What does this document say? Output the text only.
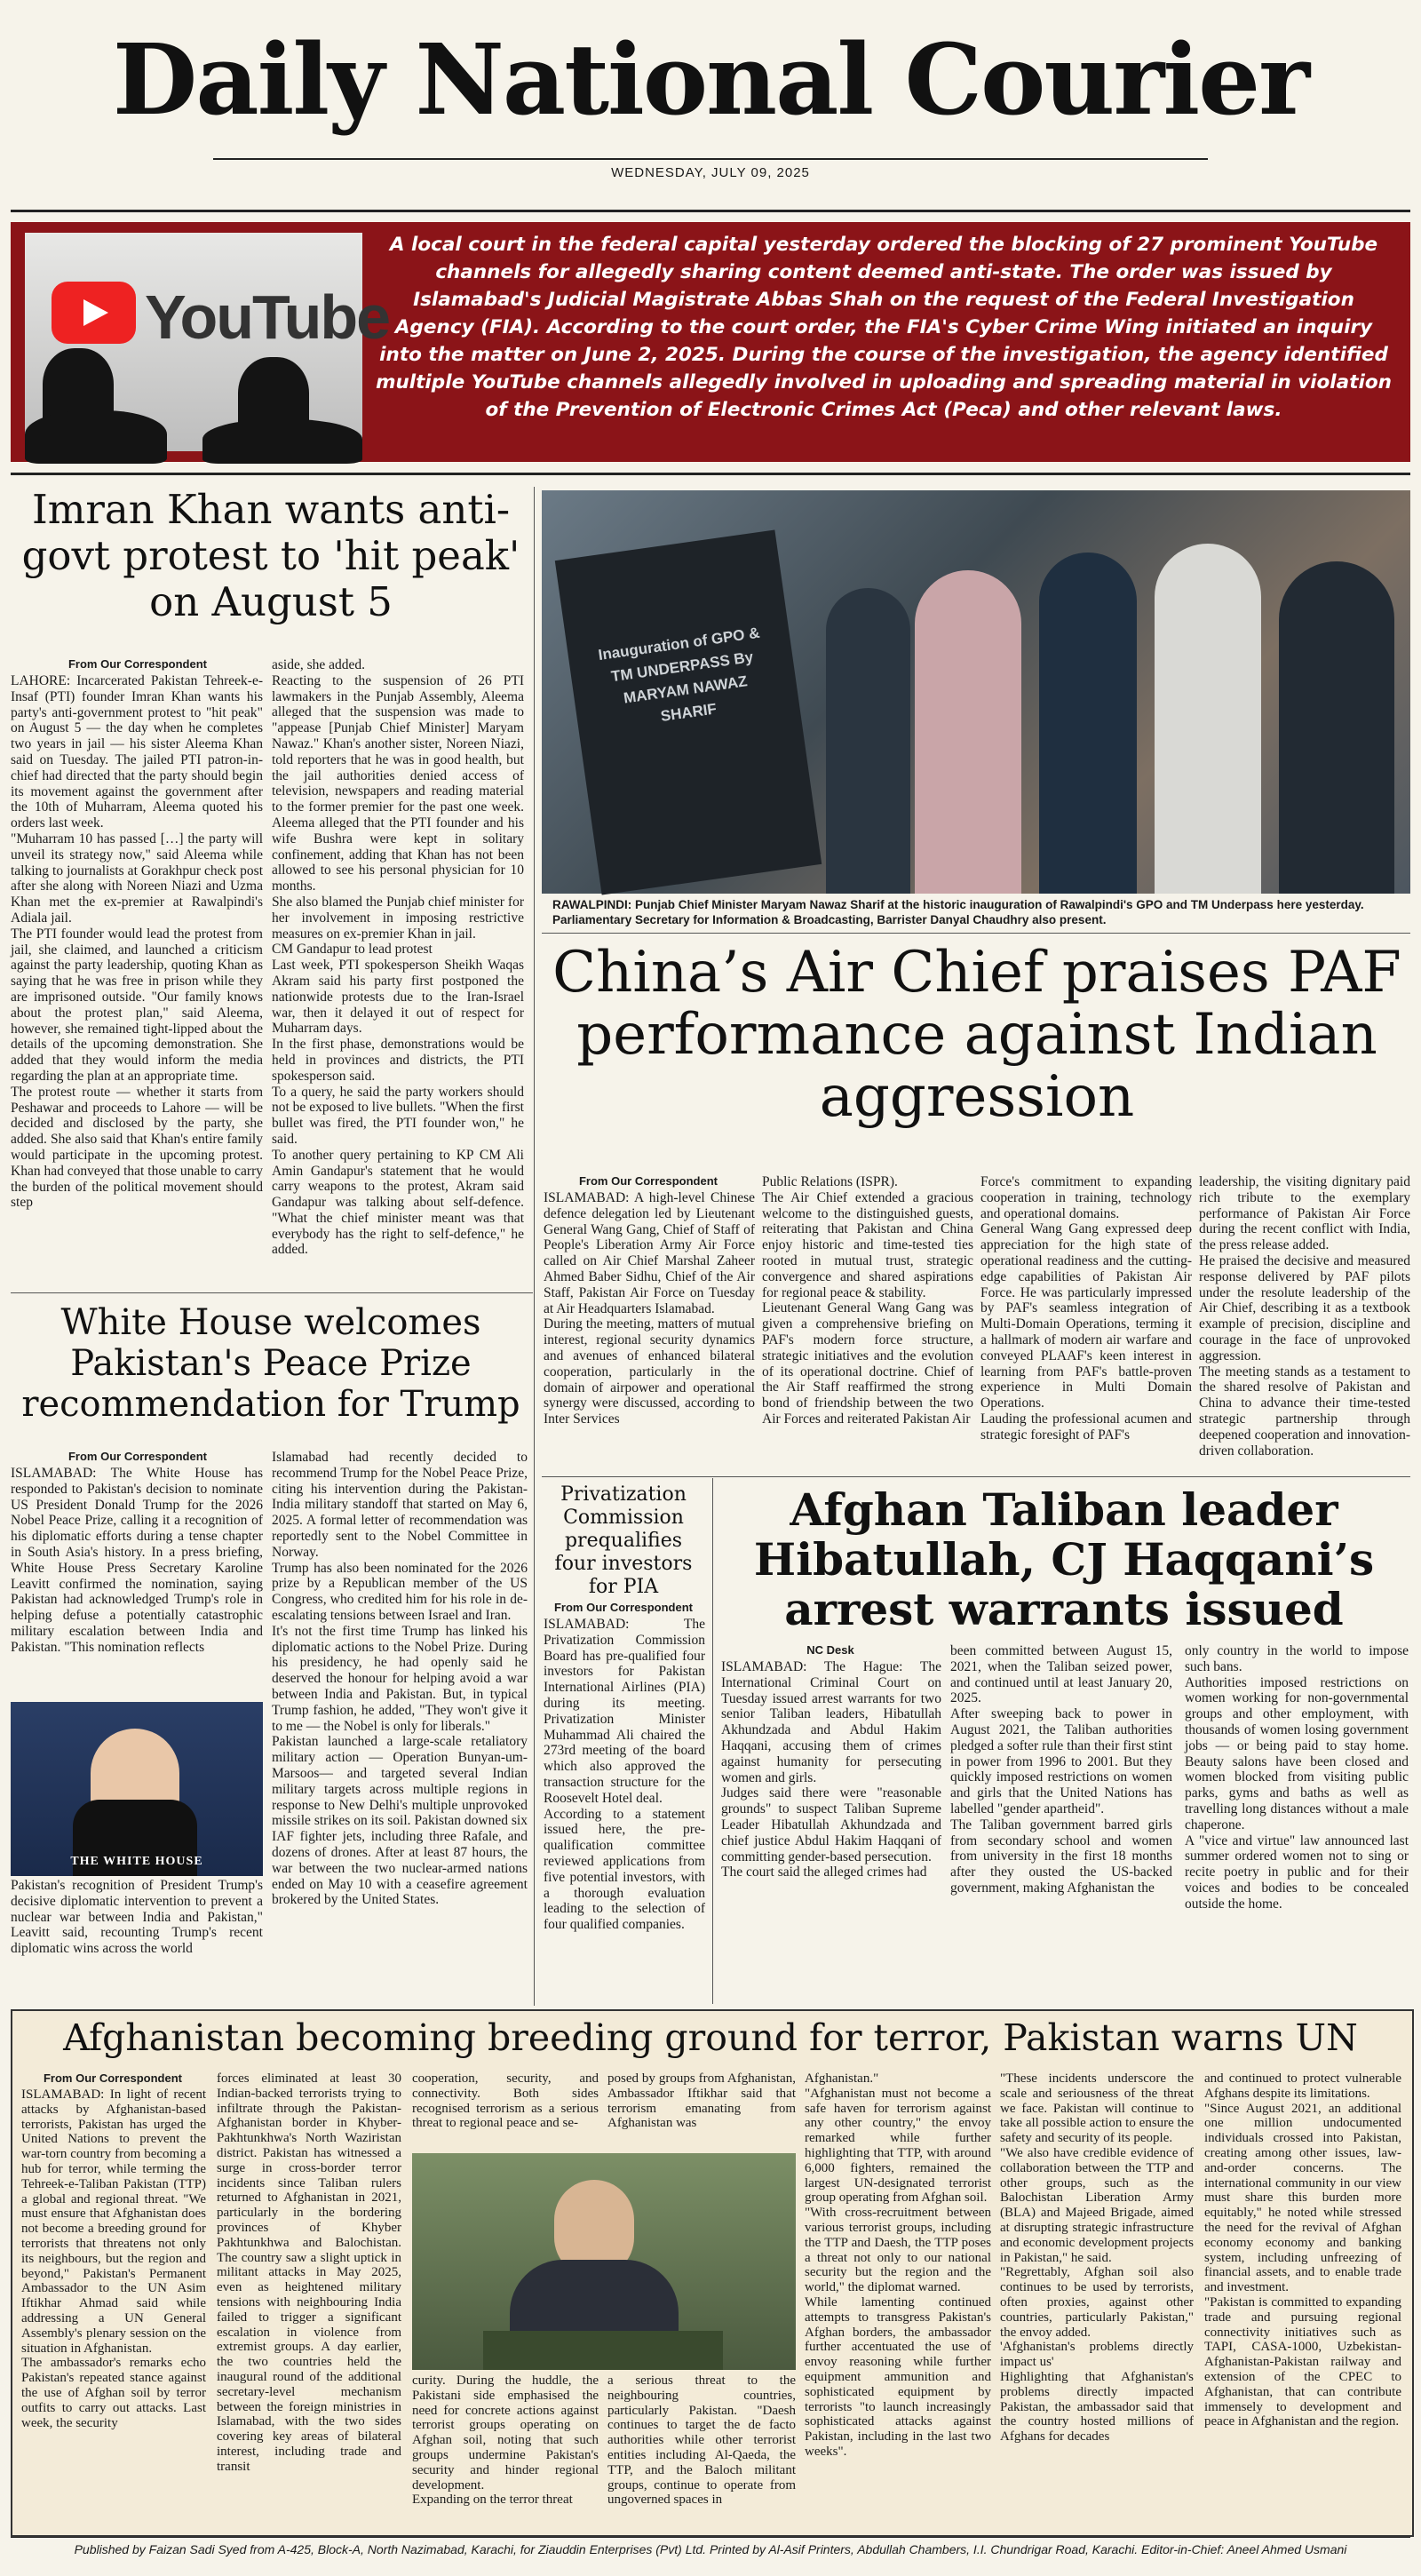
Daily National Courier
WEDNESDAY, JULY 09, 2025
YouTube
A local court in the federal capital yesterday ordered the blocking of 27 prominent YouTube channels for allegedly sharing content deemed anti-state. The order was issued by Islamabad's Judicial Magistrate Abbas Shah on the request of the Federal Investigation Agency (FIA). According to the court order, the FIA's Cyber Crime Wing initiated an inquiry into the matter on June 2, 2025. During the course of the investigation, the agency identified multiple YouTube channels allegedly involved in uploading and spreading material in violation of the Prevention of Electronic Crimes Act (Peca) and other relevant laws.
Imran Khan wants anti-govt protest to 'hit peak' on August 5
From Our Correspondent
LAHORE: Incarcerated Pakistan Tehreek-e-Insaf (PTI) founder Imran Khan wants his party's anti-government protest to "hit peak" on August 5 — the day when he completes two years in jail — his sister Aleema Khan said on Tuesday. The jailed PTI patron-in-chief had directed that the party should begin its movement against the government after the 10th of Muharram, Aleema quoted his orders last week.
"Muharram 10 has passed […] the party will unveil its strategy now," said Aleema while talking to journalists at Gorakhpur check post after she along with Noreen Niazi and Uzma Khan met the ex-premier at Rawalpindi's Adiala jail.
The PTI founder would lead the protest from jail, she claimed, and launched a criticism against the party leadership, quoting Khan as saying that he was free in prison while they are imprisoned outside. "Our family knows about the protest plan," said Aleema, however, she remained tight-lipped about the details of the upcoming demonstration. She added that they would inform the media regarding the plan at an appropriate time.
The protest route — whether it starts from Peshawar and proceeds to Lahore — will be decided and disclosed by the party, she added. She also said that Khan's entire family would participate in the upcoming protest. Khan had conveyed that those unable to carry the burden of the political movement should step
aside, she added.
Reacting to the suspension of 26 PTI lawmakers in the Punjab Assembly, Aleema alleged that the suspension was made to "appease [Punjab Chief Minister] Maryam Nawaz." Khan's another sister, Noreen Niazi, told reporters that he was in good health, but the jail authorities denied access of television, newspapers and reading material to the former premier for the past one week. Aleema alleged that the PTI founder and his wife Bushra were kept in solitary confinement, adding that Khan has not been allowed to see his personal physician for 10 months.
She also blamed the Punjab chief minister for her involvement in imposing restrictive measures on ex-premier Khan in jail.
CM Gandapur to lead protest
Last week, PTI spokesperson Sheikh Waqas Akram said his party first postponed the nationwide protests due to the Iran-Israel war, then it delayed it out of respect for Muharram days.
In the first phase, demonstrations would be held in provinces and districts, the PTI spokesperson said.
To a query, he said the party workers should not be exposed to live bullets. "When the first bullet was fired, the PTI founder won," he said.
To another query pertaining to KP CM Ali Amin Gandapur's statement that he would carry weapons to the protest, Akram said Gandapur was talking about self-defence. "What the chief minister meant was that everybody has the right to self-defence," he added.
Inauguration of GPO & TM UNDERPASS By MARYAM NAWAZ SHARIF
RAWALPINDI: Punjab Chief Minister Maryam Nawaz Sharif at the historic inauguration of Rawalpindi's GPO and TM Underpass here yesterday. Parliamentary Secretary for Information & Broadcasting, Barrister Danyal Chaudhry also present.
China’s Air Chief praises PAF performance against Indian aggression
From Our Correspondent
ISLAMABAD: A high-level Chinese defence delegation led by Lieutenant General Wang Gang, Chief of Staff of People's Liberation Army Air Force called on Air Chief Marshal Zaheer Ahmed Baber Sidhu, Chief of the Air Staff, Pakistan Air Force on Tuesday at Air Headquarters Islamabad.
During the meeting, matters of mutual interest, regional security dynamics and avenues of enhanced bilateral cooperation, particularly in the domain of airpower and operational synergy were discussed, according to Inter Services
Public Relations (ISPR).
The Air Chief extended a gracious welcome to the distinguished guests, reiterating that Pakistan and China enjoy historic and time-tested ties rooted in mutual trust, strategic convergence and shared aspirations for regional peace & stability.
Lieutenant General Wang Gang was given a comprehensive briefing on PAF's modern force structure, strategic initiatives and the evolution of its operational doctrine. Chief of the Air Staff reaffirmed the strong bond of friendship between the two Air Forces and reiterated Pakistan Air
Force's commitment to expanding cooperation in training, technology and operational domains.
General Wang Gang expressed deep appreciation for the high state of operational readiness and the cutting-edge capabilities of Pakistan Air Force. He was particularly impressed by PAF's seamless integration of Multi-Domain Operations, terming it a hallmark of modern air warfare and conveyed PLAAF's keen interest in learning from PAF's battle-proven experience in Multi Domain Operations.
Lauding the professional acumen and strategic foresight of PAF's
leadership, the visiting dignitary paid rich tribute to the exemplary performance of Pakistan Air Force during the recent conflict with India, the press release added.
He praised the decisive and measured response delivered by PAF pilots under the resolute leadership of the Air Chief, describing it as a textbook example of precision, discipline and courage in the face of unprovoked aggression.
The meeting stands as a testament to the shared resolve of Pakistan and China to advance their time-tested strategic partnership through deepened cooperation and innovation-driven collaboration.
White House welcomes Pakistan's Peace Prize recommendation for Trump
From Our Correspondent
ISLAMABAD: The White House has responded to Pakistan's decision to nominate US President Donald Trump for the 2026 Nobel Peace Prize, calling it a recognition of his diplomatic efforts during a tense chapter in South Asia's history. In a press briefing, White House Press Secretary Karoline Leavitt confirmed the nomination, saying Pakistan had acknowledged Trump's role in helping defuse a potentially catastrophic military escalation between India and Pakistan. "This nomination reflects
THE WHITE HOUSE
Pakistan's recognition of President Trump's decisive diplomatic intervention to prevent a nuclear war between India and Pakistan," Leavitt said, recounting Trump's recent diplomatic wins across the world
Islamabad had recently decided to recommend Trump for the Nobel Peace Prize, citing his intervention during the Pakistan-India military standoff that started on May 6, 2025. A formal letter of recommendation was reportedly sent to the Nobel Committee in Norway.
Trump has also been nominated for the 2026 prize by a Republican member of the US Congress, who credited him for his role in de-escalating tensions between Israel and Iran.
It's not the first time Trump has linked his diplomatic actions to the Nobel Prize. During his presidency, he had openly said he deserved the honour for helping avoid a war between India and Pakistan. But, in typical Trump fashion, he added, "They won't give it to me — the Nobel is only for liberals."
Pakistan launched a large-scale retaliatory military action — Operation Bunyan-um-Marsoos— and targeted several Indian military targets across multiple regions in response to New Delhi's multiple unprovoked missile strikes on its soil. Pakistan downed six IAF fighter jets, including three Rafale, and dozens of drones. After at least 87 hours, the war between the two nuclear-armed nations ended on May 10 with a ceasefire agreement brokered by the United States.
Privatization Commission prequalifies four investors for PIA
From Our Correspondent
ISLAMABAD: The Privatization Commission Board has pre-qualified four investors for Pakistan International Airlines (PIA) during its meeting. Privatization Minister Muhammad Ali chaired the 273rd meeting of the board which also approved the transaction structure for the Roosevelt Hotel deal.
According to a statement issued here, the pre-qualification committee reviewed applications from five potential investors, with a thorough evaluation leading to the selection of four qualified companies.
Afghan Taliban leader Hibatullah, CJ Haqqani’s arrest warrants issued
NC Desk
ISLAMABAD: The Hague: The International Criminal Court on Tuesday issued arrest warrants for two senior Taliban leaders, Hibatullah Akhundzada and Abdul Hakim Haqqani, accusing them of crimes against humanity for persecuting women and girls.
Judges said there were "reasonable grounds" to suspect Taliban Supreme Leader Hibatullah Akhundzada and chief justice Abdul Hakim Haqqani of committing gender-based persecution.
The court said the alleged crimes had
been committed between August 15, 2021, when the Taliban seized power, and continued until at least January 20, 2025.
After sweeping back to power in August 2021, the Taliban authorities pledged a softer rule than their first stint in power from 1996 to 2001. But they quickly imposed restrictions on women and girls that the United Nations has labelled "gender apartheid".
The Taliban government barred girls from secondary school and women from university in the first 18 months after they ousted the US-backed government, making Afghanistan the
only country in the world to impose such bans.
Authorities imposed restrictions on women working for non-governmental groups and other employment, with thousands of women losing government jobs — or being paid to stay home. Beauty salons have been closed and women blocked from visiting public parks, gyms and baths as well as travelling long distances without a male chaperone.
A "vice and virtue" law announced last summer ordered women not to sing or recite poetry in public and for their voices and bodies to be concealed outside the home.
Afghanistan becoming breeding ground for terror, Pakistan warns UN
From Our Correspondent
ISLAMABAD: In light of recent attacks by Afghanistan-based terrorists, Pakistan has urged the United Nations to prevent the war-torn country from becoming a hub for terror, while terming the Tehreek-e-Taliban Pakistan (TTP) a global and regional threat. "We must ensure that Afghanistan does not become a breeding ground for terrorists that threatens not only its neighbours, but the region and beyond," Pakistan's Permanent Ambassador to the UN Asim Iftikhar Ahmad said while addressing a UN General Assembly's plenary session on the situation in Afghanistan.
The ambassador's remarks echo Pakistan's repeated stance against the use of Afghan soil by terror outfits to carry out attacks. Last week, the security
forces eliminated at least 30 Indian-backed terrorists trying to infiltrate through the Pakistan-Afghanistan border in Khyber-Pakhtunkhwa's North Waziristan district. Pakistan has witnessed a surge in cross-border terror incidents since Taliban rulers returned to Afghanistan in 2021, particularly in the bordering provinces of Khyber Pakhtunkhwa and Balochistan. The country saw a slight uptick in militant attacks in May 2025, even as heightened military tensions with neighbouring India failed to trigger a significant escalation in violence from extremist groups. A day earlier, the two countries held the inaugural round of the additional secretary-level mechanism between the foreign ministries in Islamabad, with the two sides covering key areas of bilateral interest, including trade and transit
cooperation, security, and connectivity. Both sides recognised terrorism as a serious threat to regional peace and se-
posed by groups from Afghanistan, Ambassador Iftikhar said that terrorism emanating from Afghanistan was
curity. During the huddle, the Pakistani side emphasised the need for concrete actions against terrorist groups operating on Afghan soil, noting that such groups undermine Pakistan's security and hinder regional development.
Expanding on the terror threat
a serious threat to the neighbouring countries, particularly Pakistan. "Daesh continues to target the de facto authorities while other terrorist entities including Al-Qaeda, the TTP, and the Baloch militant groups, continue to operate from ungoverned spaces in
Afghanistan."
"Afghanistan must not become a safe haven for terrorism against any other country," the envoy remarked while further highlighting that TTP, with around 6,000 fighters, remained the largest UN-designated terrorist group operating from Afghan soil.
"With cross-recruitment between various terrorist groups, including the TTP and Daesh, the TTP poses a threat not only to our national security but the region and the world," the diplomat warned.
While lamenting continued attempts to transgress Pakistan's Afghan borders, the ambassador further accentuated the use of envoy reasoning while further equipment ammunition and sophisticated equipment by terrorists "to launch increasingly sophisticated attacks against Pakistan, including in the last two weeks".
"These incidents underscore the scale and seriousness of the threat we face. Pakistan will continue to take all possible action to ensure the safety and security of its people.
"We also have credible evidence of collaboration between the TTP and other groups, such as the Balochistan Liberation Army (BLA) and Majeed Brigade, aimed at disrupting strategic infrastructure and economic development projects in Pakistan," he said.
"Regrettably, Afghan soil also continues to be used by terrorists, often proxies, against other countries, particularly Pakistan," the envoy added.
'Afghanistan's problems directly impact us'
Highlighting that Afghanistan's problems directly impacted Pakistan, the ambassador said that the country hosted millions of Afghans for decades
and continued to protect vulnerable Afghans despite its limitations.
"Since August 2021, an additional one million undocumented individuals crossed into Pakistan, creating among other issues, law-and-order concerns. The international community in our view must share this burden more equitably," he noted while stressed the need for the revival of Afghan economy economy and banking system, including unfreezing of financial assets, and to enable trade and investment.
"Pakistan is committed to expanding trade and pursuing regional connectivity initiatives such as TAPI, CASA-1000, Uzbekistan-Afghanistan-Pakistan railway and extension of the CPEC to Afghanistan, that can contribute immensely to development and peace in Afghanistan and the region.
Published by Faizan Sadi Syed from A-425, Block-A, North Nazimabad, Karachi, for Ziauddin Enterprises (Pvt) Ltd. Printed by Al-Asif Printers, Abdullah Chambers, I.I. Chundrigar Road, Karachi. Editor-in-Chief: Aneel Ahmed Usmani
